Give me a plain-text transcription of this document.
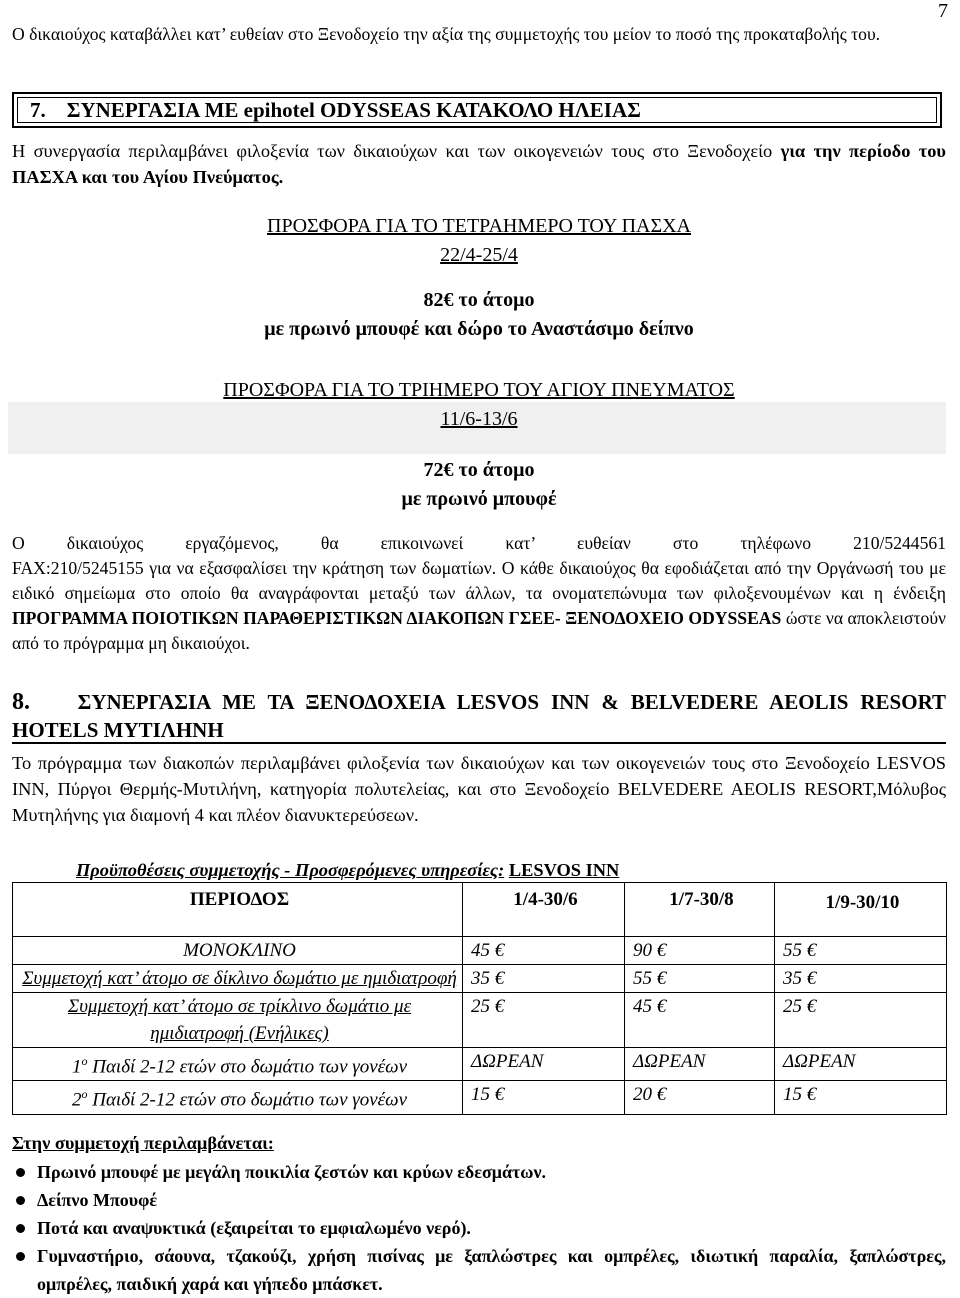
7
Ο δικαιούχος καταβάλλει κατ’ ευθείαν στο Ξενοδοχείο την αξία της συμμετοχής του μείον το ποσό της προκαταβολής του.
7. ΣΥΝΕΡΓΑΣΙΑ ΜΕ epihotel ODYSSEAS ΚΑΤΑΚΟΛΟ ΗΛΕΙΑΣ
Η συνεργασία περιλαμβάνει φιλοξενία των δικαιούχων και των οικογενειών τους στο Ξενοδοχείο για την περίοδο του ΠΑΣΧΑ και του Αγίου Πνεύματος.
ΠΡΟΣΦΟΡΑ ΓΙΑ ΤΟ ΤΕΤΡΑΗΜΕΡΟ ΤΟΥ ΠΑΣΧΑ
22/4-25/4
82€ το άτομο
με πρωινό μπουφέ και δώρο το Αναστάσιμο δείπνο
ΠΡΟΣΦΟΡΑ ΓΙΑ ΤΟ ΤΡΙΗΜΕΡΟ ΤΟΥ ΑΓΙΟΥ ΠΝΕΥΜΑΤΟΣ
11/6-13/6
72€ το άτομο
με πρωινό μπουφέ
Ο δικαιούχος εργαζόμενος, θα επικοινωνεί κατ’ ευθείαν στο τηλέφωνο 210/5244561
FAX:210/5245155 για να εξασφαλίσει την κράτηση των δωματίων. Ο κάθε δικαιούχος θα εφοδιάζεται από την Οργάνωσή του με ειδικό σημείωμα στο οποίο θα αναγράφονται μεταξύ των άλλων, τα ονοματεπώνυμα των φιλοξενουμένων και η ένδειξη ΠΡΟΓΡΑΜΜΑ ΠΟΙΟΤΙΚΩΝ ΠΑΡΑΘΕΡΙΣΤΙΚΩΝ ΔΙΑΚΟΠΩΝ ΓΣΕΕ- ΞΕΝΟΔΟΧΕΙΟ ODYSSEAS ώστε να αποκλειστούν από το πρόγραμμα μη δικαιούχοι.
8. ΣΥΝΕΡΓΑΣΙΑ ΜΕ ΤΑ ΞΕΝΟΔΟΧΕΙΑ LESVOS INN & BELVEDERE AEOLIS RESORT HOTELS ΜΥΤΙΛΗΝΗ
Το πρόγραμμα των διακοπών περιλαμβάνει φιλοξενία των δικαιούχων και των οικογενειών τους στο Ξενοδοχείο LESVOS INN, Πύργοι Θερμής-Μυτιλήνη, κατηγορία πολυτελείας, και στο Ξενοδοχείο BELVEDERE AEOLIS RESORT,Μόλυβος Μυτηλήνης για διαμονή 4 και πλέον διανυκτερεύσεων.
Προϋποθέσεις συμμετοχής - Προσφερόμενες υπηρεσίες: LESVOS INN
ΠΕΡΙΟΔΟΣ	1/4-30/6	1/7-30/8	1/9-30/10
ΜΟΝΟΚΛΙΝΟ	45 €	90 €	55 €
Συμμετοχή κατ’ άτομο σε δίκλινο δωμάτιο με ημιδιατροφή	35 €	55 €	35 €
Συμμετοχή κατ’ άτομο σε τρίκλινο δωμάτιο με ημιδιατροφή (Ενήλικες)	25 €	45 €	25 €
$1^o$ Παιδί 2-12 ετών στο δωμάτιο των γονέων	ΔΩΡΕΑΝ	ΔΩΡΕΑΝ	ΔΩΡΕΑΝ
$2^o$ Παιδί 2-12 ετών στο δωμάτιο των γονέων	15 €	20 €	15 €
Στην συμμετοχή περιλαμβάνεται:
Πρωινό μπουφέ με μεγάλη ποικιλία ζεστών και κρύων εδεσμάτων.
Δείπνο Μπουφέ
Ποτά και αναψυκτικά (εξαιρείται το εμφιαλωμένο νερό).
Γυμναστήριο, σάουνα, τζακούζι, χρήση πισίνας με ξαπλώστρες και ομπρέλες, ιδιωτική παραλία, ξαπλώστρες, ομπρέλες, παιδική χαρά και γήπεδο μπάσκετ.
